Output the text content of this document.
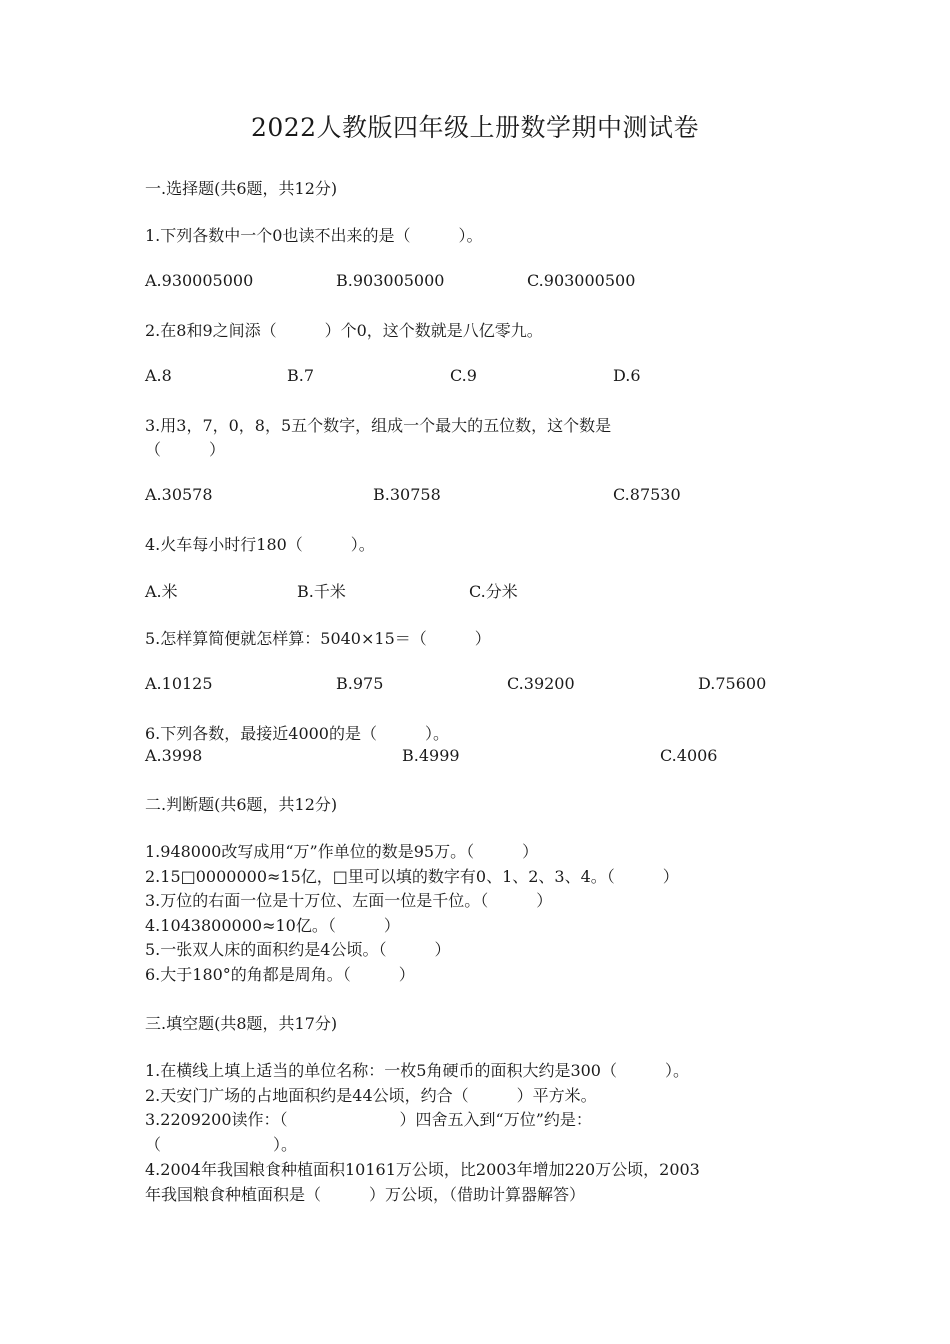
2022人教版四年级上册数学期中测试卷
一.选择题(共6题，共12分)
1.下列各数中一个0也读不出来的是（　　　）。
A.930005000	B.903005000	C.903000500
2.在8和9之间添（　　　）个0，这个数就是八亿零九。
A.8	B.7	C.9	D.6
3.用3，7，0，8，5五个数字，组成一个最大的五位数，这个数是
（　　　）
A.30578	B.30758	C.87530
4.火车每小时行180（　　　）。
A.米	B.千米	C.分米
5.怎样算简便就怎样算：5040×15＝（　　　）
A.10125	B.975	C.39200	D.75600
6.下列各数，最接近4000的是（　　　）。
A.3998	B.4999	C.4006
二.判断题(共6题，共12分)
1.948000改写成用“万”作单位的数是95万。（　　　）
2.15□0000000≈15亿，□里可以填的数字有0、1、2、3、4。（　　　）
3.万位的右面一位是十万位、左面一位是千位。（　　　）
4.1043800000≈10亿。（　　　）
5.一张双人床的面积约是4公顷。（　　　）
6.大于180°的角都是周角。（　　　）
三.填空题(共8题，共17分)
1.在横线上填上适当的单位名称：一枚5角硬币的面积大约是300（　　　）。
2.天安门广场的占地面积约是44公顷，约合（　　　）平方米。
3.2209200读作：（　　　　　　　）四舍五入到“万位”约是：
（　　　　　　　）。
4.2004年我国粮食种植面积10161万公顷，比2003年增加220万公顷，2003
年我国粮食种植面积是（　　　）万公顷，（借助计算器解答）
